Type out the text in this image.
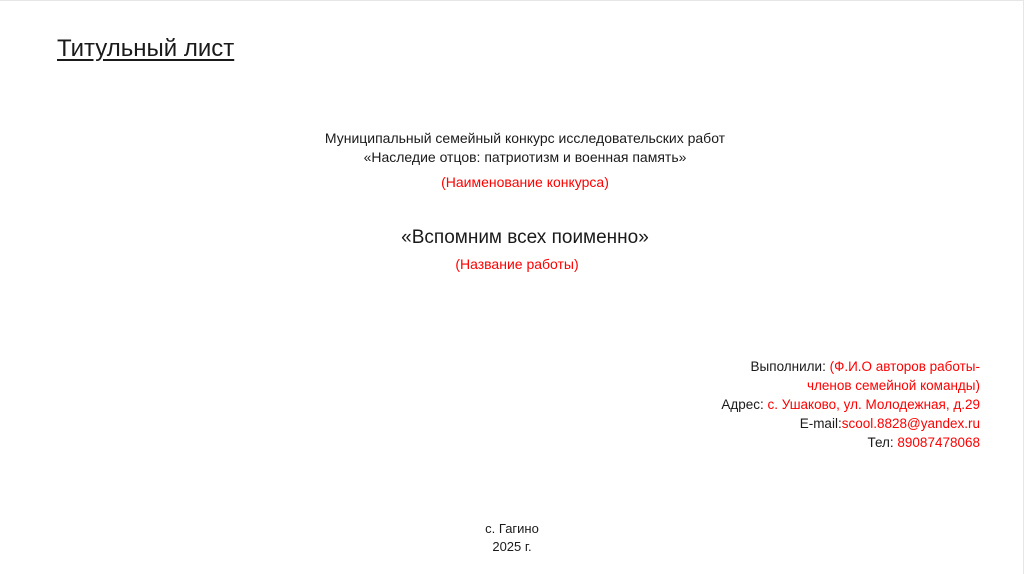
Титульный лист
Муниципальный семейный конкурс исследовательских работ
«Наследие отцов: патриотизм и военная память»
(Наименование конкурса)
«Вспомним всех поименно»
(Название работы)
Выполнили: (Ф.И.О авторов работы-
членов семейной команды)
Адрес: с. Ушаково, ул. Молодежная, д.29
E-mail:scool.8828@yandex.ru
Тел: 89087478068
с. Гагино
2025 г.
